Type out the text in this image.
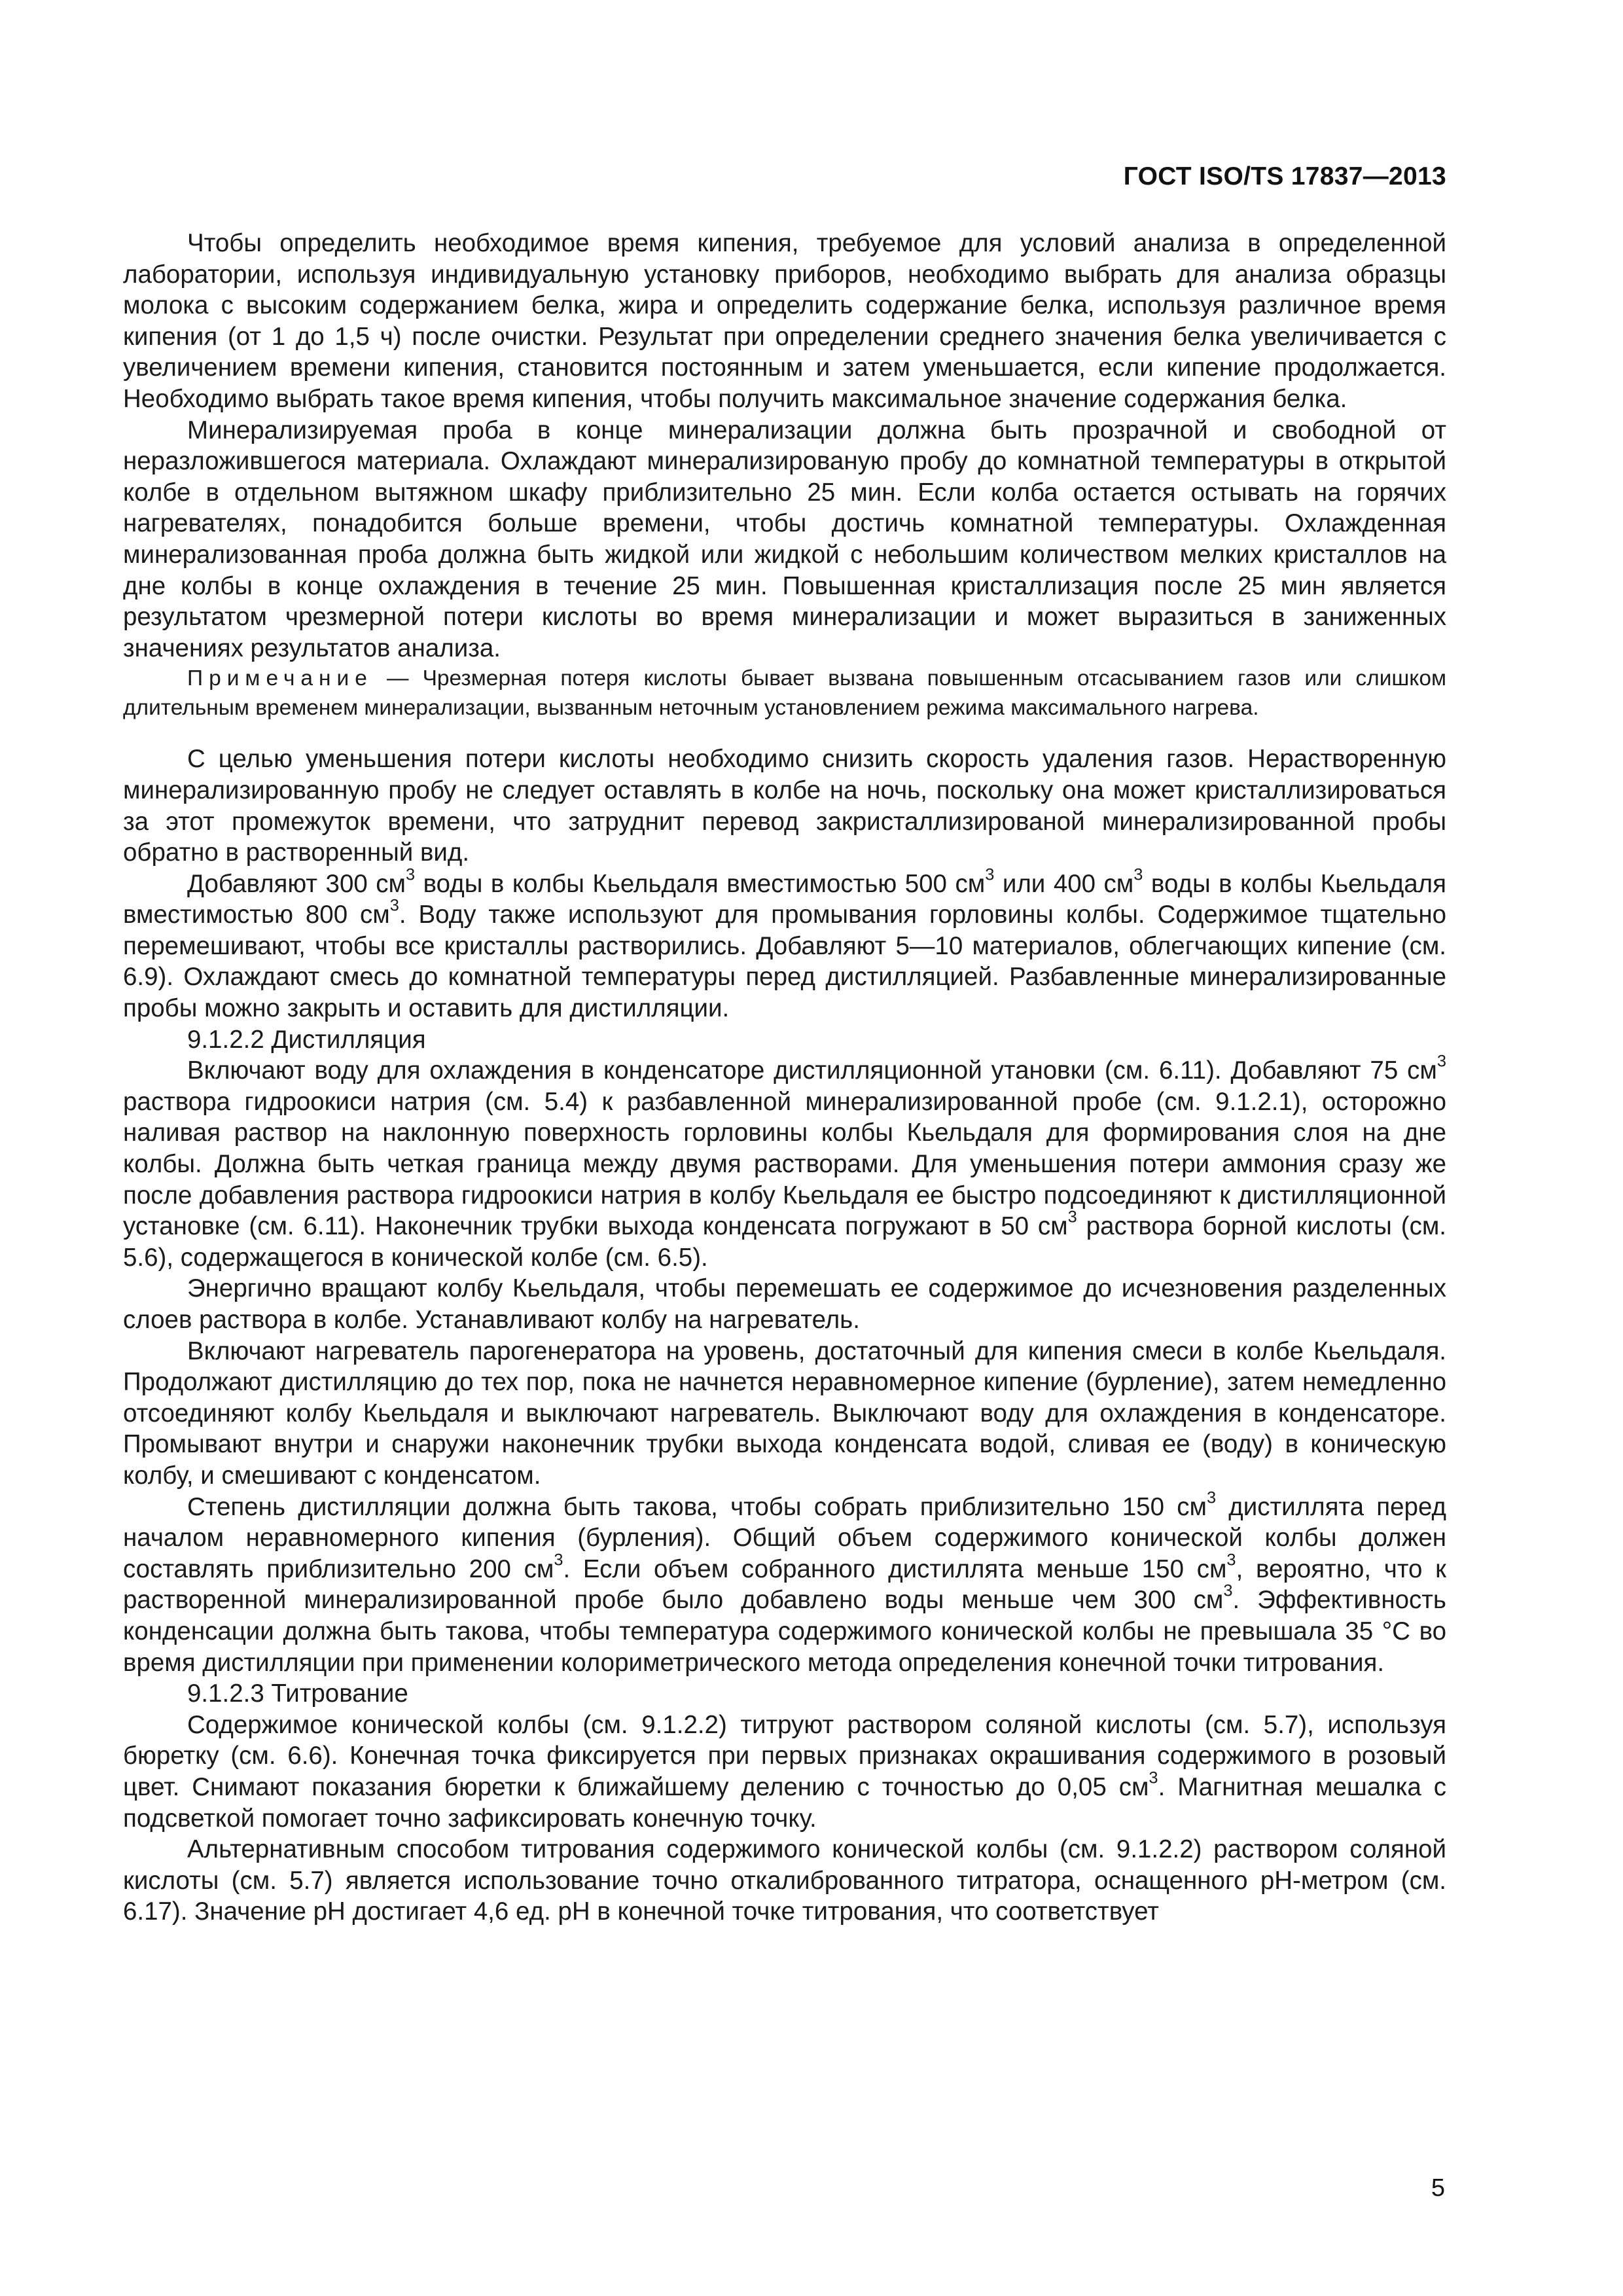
ГОСТ ISO/TS 17837—2013

Чтобы определить необходимое время кипения, требуемое для условий анализа в определенной лаборатории, используя индивидуальную установку приборов, необходимо выбрать для анализа образцы молока с высоким содержанием белка, жира и определить содержание белка, используя различное время кипения (от 1 до 1,5 ч) после очистки. Результат при определении среднего значения белка увеличивается с увеличением времени кипения, становится постоянным и затем уменьшается, если кипение продолжается. Необходимо выбрать такое время кипения, чтобы получить максимальное значение содержания белка.

Минерализируемая проба в конце минерализации должна быть прозрачной и свободной от неразложившегося материала. Охлаждают минерализированую пробу до комнатной температуры в открытой колбе в отдельном вытяжном шкафу приблизительно 25 мин. Если колба остается остывать на горячих нагревателях, понадобится больше времени, чтобы достичь комнатной температуры. Охлажденная минерализованная проба должна быть жидкой или жидкой с небольшим количеством мелких кристаллов на дне колбы в конце охлаждения в течение 25 мин. Повышенная кристаллизация после 25 мин является результатом чрезмерной потери кислоты во время минерализации и может выразиться в заниженных значениях результатов анализа.

Примечание — Чрезмерная потеря кислоты бывает вызвана повышенным отсасыванием газов или слишком длительным временем минерализации, вызванным неточным установлением режима максимального нагрева.

С целью уменьшения потери кислоты необходимо снизить скорость удаления газов. Нерастворенную минерализированную пробу не следует оставлять в колбе на ночь, поскольку она может кристаллизироваться за этот промежуток времени, что затруднит перевод закристаллизированой минерализированной пробы обратно в растворенный вид.

Добавляют 300 $см^3$ воды в колбы Кьельдаля вместимостью 500 $см^3$ или 400 $см^3$ воды в колбы Кьельдаля вместимостью 800 $см^3$. Воду также используют для промывания горловины колбы. Содержимое тщательно перемешивают, чтобы все кристаллы растворились. Добавляют 5—10 материалов, облегчающих кипение (см. 6.9). Охлаждают смесь до комнатной температуры перед дистилляцией. Разбавленные минерализированные пробы можно закрыть и оставить для дистилляции.

9.1.2.2 Дистилляция

Включают воду для охлаждения в конденсаторе дистилляционной утановки (см. 6.11). Добавляют 75 $см^3$ раствора гидроокиси натрия (см. 5.4) к разбавленной минерализированной пробе (см. 9.1.2.1), осторожно наливая раствор на наклонную поверхность горловины колбы Кьельдаля для формирования слоя на дне колбы. Должна быть четкая граница между двумя растворами. Для уменьшения потери аммония сразу же после добавления раствора гидроокиси натрия в колбу Кьельдаля ее быстро подсоединяют к дистилляционной установке (см. 6.11). Наконечник трубки выхода конденсата погружают в 50 $см^3$ раствора борной кислоты (см. 5.6), содержащегося в конической колбе (см. 6.5).

Энергично вращают колбу Кьельдаля, чтобы перемешать ее содержимое до исчезновения разделенных слоев раствора в колбе. Устанавливают колбу на нагреватель.

Включают нагреватель парогенератора на уровень, достаточный для кипения смеси в колбе Кьельдаля. Продолжают дистилляцию до тех пор, пока не начнется неравномерное кипение (бурление), затем немедленно отсоединяют колбу Кьельдаля и выключают нагреватель. Выключают воду для охлаждения в конденсаторе. Промывают внутри и снаружи наконечник трубки выхода конденсата водой, сливая ее (воду) в коническую колбу, и смешивают с конденсатом.

Степень дистилляции должна быть такова, чтобы собрать приблизительно 150 $см^3$ дистиллята перед началом неравномерного кипения (бурления). Общий объем содержимого конической колбы должен составлять приблизительно 200 $см^3$. Если объем собранного дистиллята меньше 150 $см^3$, вероятно, что к растворенной минерализированной пробе было добавлено воды меньше чем 300 $см^3$. Эффективность конденсации должна быть такова, чтобы температура содержимого конической колбы не превышала 35 °С во время дистилляции при применении колориметрического метода определения конечной точки титрования.

9.1.2.3 Титрование

Содержимое конической колбы (см. 9.1.2.2) титруют раствором соляной кислоты (см. 5.7), используя бюретку (см. 6.6). Конечная точка фиксируется при первых признаках окрашивания содержимого в розовый цвет. Снимают показания бюретки к ближайшему делению с точностью до 0,05 $см^3$. Магнитная мешалка с подсветкой помогает точно зафиксировать конечную точку.

Альтернативным способом титрования содержимого конической колбы (см. 9.1.2.2) раствором соляной кислоты (см. 5.7) является использование точно откалиброванного титратора, оснащенного pH-метром (см. 6.17). Значение pH достигает 4,6 ед. pH в конечной точке титрования, что соответствует

5
